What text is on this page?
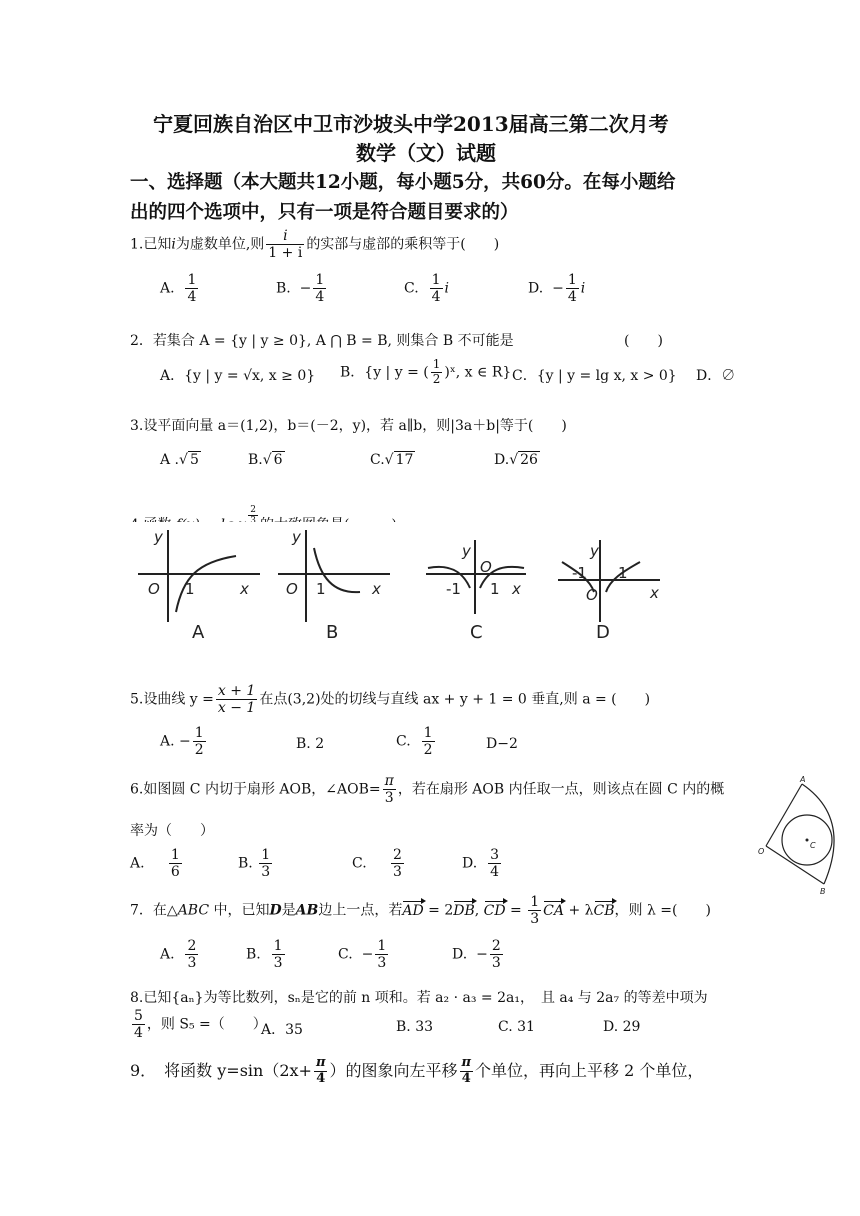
宁夏回族自治区中卫市沙坡头中学2013届高三第二次月考
数学（文）试题
一、选择题（本大题共12小题，每小题5分，共60分。在每小题给
出的四个选项中，只有一项是符合题目要求的）
1.已知i为虚数单位,则 $\frac{i}{1 + i}$ 的实部与虚部的乘积等于(　　)
A. $\frac{1}{4}$	B. − $\frac{1}{4}$	C. $\frac{1}{4}$ i	D. − $\frac{1}{4}$ i
2．若集合 A = {y | y ≥ 0}, A ⋂ B = B, 则集合 B 不可能是	(　　)
A．{y | y = √x, x ≥ 0} B．{y | y = ( $\frac{1}{2}$ )ˣ, x ∈ R} C．{y | y = lg x, x > 0} D．∅
3.设平面向量 a＝(1,2)，b＝(－2，y)，若 a∥b，则|3a＋b|等于(　　)
A .√ 5	B.√ 6	C.√ 17	D.√ 26
2
y
x
O 1
A
y
x
O 1
B
y
x
O
1
-1
C
y
x
O
1
-1
D
5.设曲线 $y = \frac{x + 1}{x - 1}$ 在点(3,2)处的切线与直线 ax + y + 1 = 0 垂直,则 a = (　　)
A. − $\frac{1}{2}$	B. 2	C. $\frac{1}{2}$	D−2
6.如图圆 C 内切于扇形 AOB，∠AOB= $\frac{\pi}{3}$ ，若在扇形 AOB 内任取一点，则该点在圆 C 内的概
率为（　　）
A. $\frac{1}{6}$	B. $\frac{1}{3}$	C. $\frac{2}{3}$	D. $\frac{3}{4}$
A
O
B
C
7．在△ABC 中，已知D是AB边上一点，若AD = 2DB, CD = $\frac{1}{3}$ CA + λCB，则 λ =(　　)
A. $\frac{2}{3}$	B. $\frac{1}{3}$	C. − $\frac{1}{3}$	D. − $\frac{2}{3}$
8.已知{aₙ}为等比数列，sₙ是它的前 n 项和。若 a₂ · a₃ = 2a₁，　且 a₄ 与 2a₇ 的等差中项为
$\frac{5}{4}$ ，则 S₅ =（　　）
A．35	B. 33	C. 31	D. 29
9．　将函数 $y=\sin(2x+ \frac{\pi}{4}$ ）的图象向左平移 $\frac{\pi}{4}$ 个单位，再向上平移 2 个单位，
